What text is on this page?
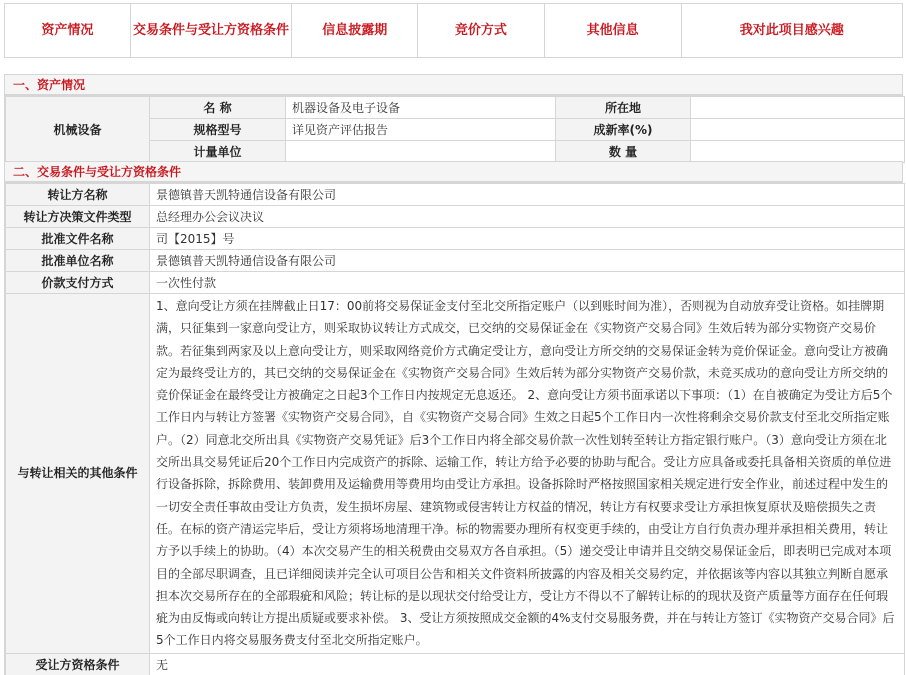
资产情况	交易条件与受让方资格条件	信息披露期	竞价方式	其他信息	我对此项目感兴趣
一、资产情况
机械设备	名 称	机器设备及电子设备	所在地	
	规格型号	详见资产评估报告	成新率(%)	
	计量单位		数 量	
二、交易条件与受让方资格条件
转让方名称	景德镇普天凯特通信设备有限公司
转让方决策文件类型	总经理办公会议决议
批准文件名称	司【2015】号
批准单位名称	景德镇普天凯特通信设备有限公司
价款支付方式	一次性付款
与转让相关的其他条件	1、意向受让方须在挂牌截止日17：00前将交易保证金支付至北交所指定账户（以到账时间为准），否则视为自动放弃受让资格。如挂牌期满，只征集到一家意向受让方，则采取协议转让方式成交，已交纳的交易保证金在《实物资产交易合同》生效后转为部分实物资产交易价款。若征集到两家及以上意向受让方，则采取网络竞价方式确定受让方，意向受让方所交纳的交易保证金转为竞价保证金。意向受让方被确定为最终受让方的，其已交纳的交易保证金在《实物资产交易合同》生效后转为部分实物资产交易价款，未竞买成功的意向受让方所交纳的竞价保证金在最终受让方被确定之日起3个工作日内按规定无息返还。 2、意向受让方须书面承诺以下事项：（1）在自被确定为受让方后5个工作日内与转让方签署《实物资产交易合同》，自《实物资产交易合同》生效之日起5个工作日内一次性将剩余交易价款支付至北交所指定账户。（2）同意北交所出具《实物资产交易凭证》后3个工作日内将全部交易价款一次性划转至转让方指定银行账户。（3）意向受让方须在北交所出具交易凭证后20个工作日内完成资产的拆除、运输工作，转让方给予必要的协助与配合。受让方应具备或委托具备相关资质的单位进行设备拆除，拆除费用、装卸费用及运输费用等费用均由受让方承担。设备拆除时严格按照国家相关规定进行安全作业，前述过程中发生的一切安全责任事故由受让方负责，发生损坏房屋、建筑物或侵害转让方权益的情况，转让方有权要求受让方承担恢复原状及赔偿损失之责任。在标的资产清运完毕后，受让方须将场地清理干净。标的物需要办理所有权变更手续的，由受让方自行负责办理并承担相关费用，转让方予以手续上的协助。（4）本次交易产生的相关税费由交易双方各自承担。（5）递交受让申请并且交纳交易保证金后，即表明已完成对本项目的全部尽职调查，且已详细阅读并完全认可项目公告和相关文件资料所披露的内容及相关交易约定，并依据该等内容以其独立判断自愿承担本次交易所存在的全部瑕疵和风险；转让标的是以现状交付给受让方，受让方不得以不了解转让标的的现状及资产质量等方面存在任何瑕疵为由反悔或向转让方提出质疑或要求补偿。 3、受让方须按照成交金额的4%支付交易服务费，并在与转让方签订《实物资产交易合同》后5个工作日内将交易服务费支付至北交所指定账户。
受让方资格条件	无
